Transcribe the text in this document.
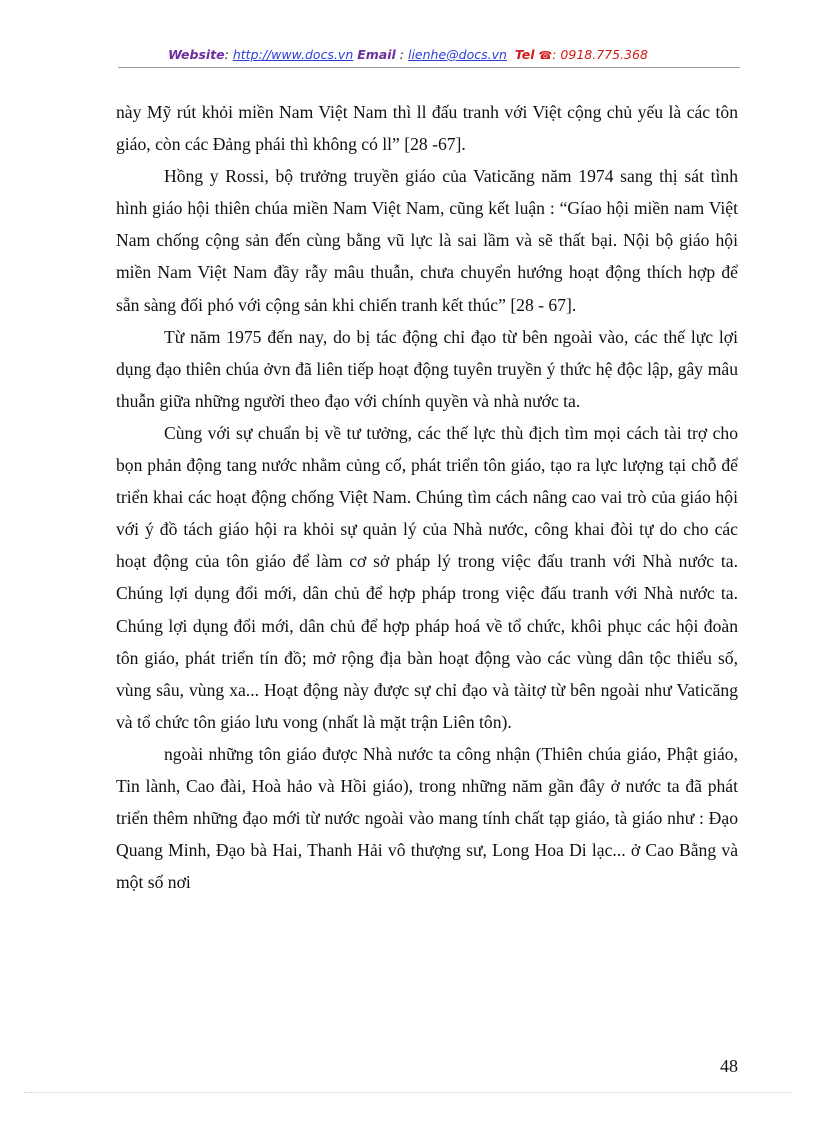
Website: http://www.docs.vn Email : lienhe@docs.vn Tel ☎: 0918.775.368

này Mỹ rút khỏi miền Nam Việt Nam thì ll đấu tranh với Việt cộng chủ yếu là các tôn giáo, còn các Đảng phái thì không có ll” [28 -67].

Hồng y Rossi, bộ trưởng truyền giáo của Vaticăng năm 1974 sang thị sát tình hình giáo hội thiên chúa miền Nam Việt Nam, cũng kết luận : “Gíao hội miền nam Việt Nam chống cộng sản đến cùng bằng vũ lực là sai lầm và sẽ thất bại. Nội bộ giáo hội miền Nam Việt Nam đầy rẫy mâu thuẫn, chưa chuyển hướng hoạt động thích hợp để sẵn sàng đối phó với cộng sản khi chiến tranh kết thúc” [28 - 67].

Từ năm 1975 đến nay, do bị tác động chỉ đạo từ bên ngoài vào, các thế lực lợi dụng đạo thiên chúa ởvn đã liên tiếp hoạt động tuyên truyền ý thức hệ độc lập, gây mâu thuẫn giữa những người theo đạo với chính quyền và nhà nước ta.

Cùng với sự chuẩn bị về tư tưởng, các thế lực thù địch tìm mọi cách tài trợ cho bọn phản động tang nước nhằm củng cố, phát triển tôn giáo, tạo ra lực lượng tại chỗ để triển khai các hoạt động chống Việt Nam. Chúng tìm cách nâng cao vai trò của giáo hội với ý đồ tách giáo hội ra khỏi sự quản lý của Nhà nước, công khai đòi tự do cho các hoạt động của tôn giáo để làm cơ sở pháp lý trong việc đấu tranh với Nhà nước ta. Chúng lợi dụng đổi mới, dân chủ để hợp pháp trong việc đấu tranh với Nhà nước ta. Chúng lợi dụng đổi mới, dân chủ để hợp pháp hoá về tổ chức, khôi phục các hội đoàn tôn giáo, phát triển tín đồ; mở rộng địa bàn hoạt động vào các vùng dân tộc thiểu số, vùng sâu, vùng xa... Hoạt động này được sự chỉ đạo và tàitợ từ bên ngoài như Vaticăng và tổ chức tôn giáo lưu vong (nhất là mặt trận Liên tôn).

ngoài những tôn giáo được Nhà nước ta công nhận (Thiên chúa giáo, Phật giáo, Tin lành, Cao đài, Hoà hảo và Hồi giáo), trong những năm gần đây ở nước ta đã phát triển thêm những đạo mới từ nước ngoài vào mang tính chất tạp giáo, tà giáo như : Đạo Quang Minh, Đạo bà Hai, Thanh Hải vô thượng sư, Long Hoa Di lạc... ở Cao Bằng và một số nơi

48
